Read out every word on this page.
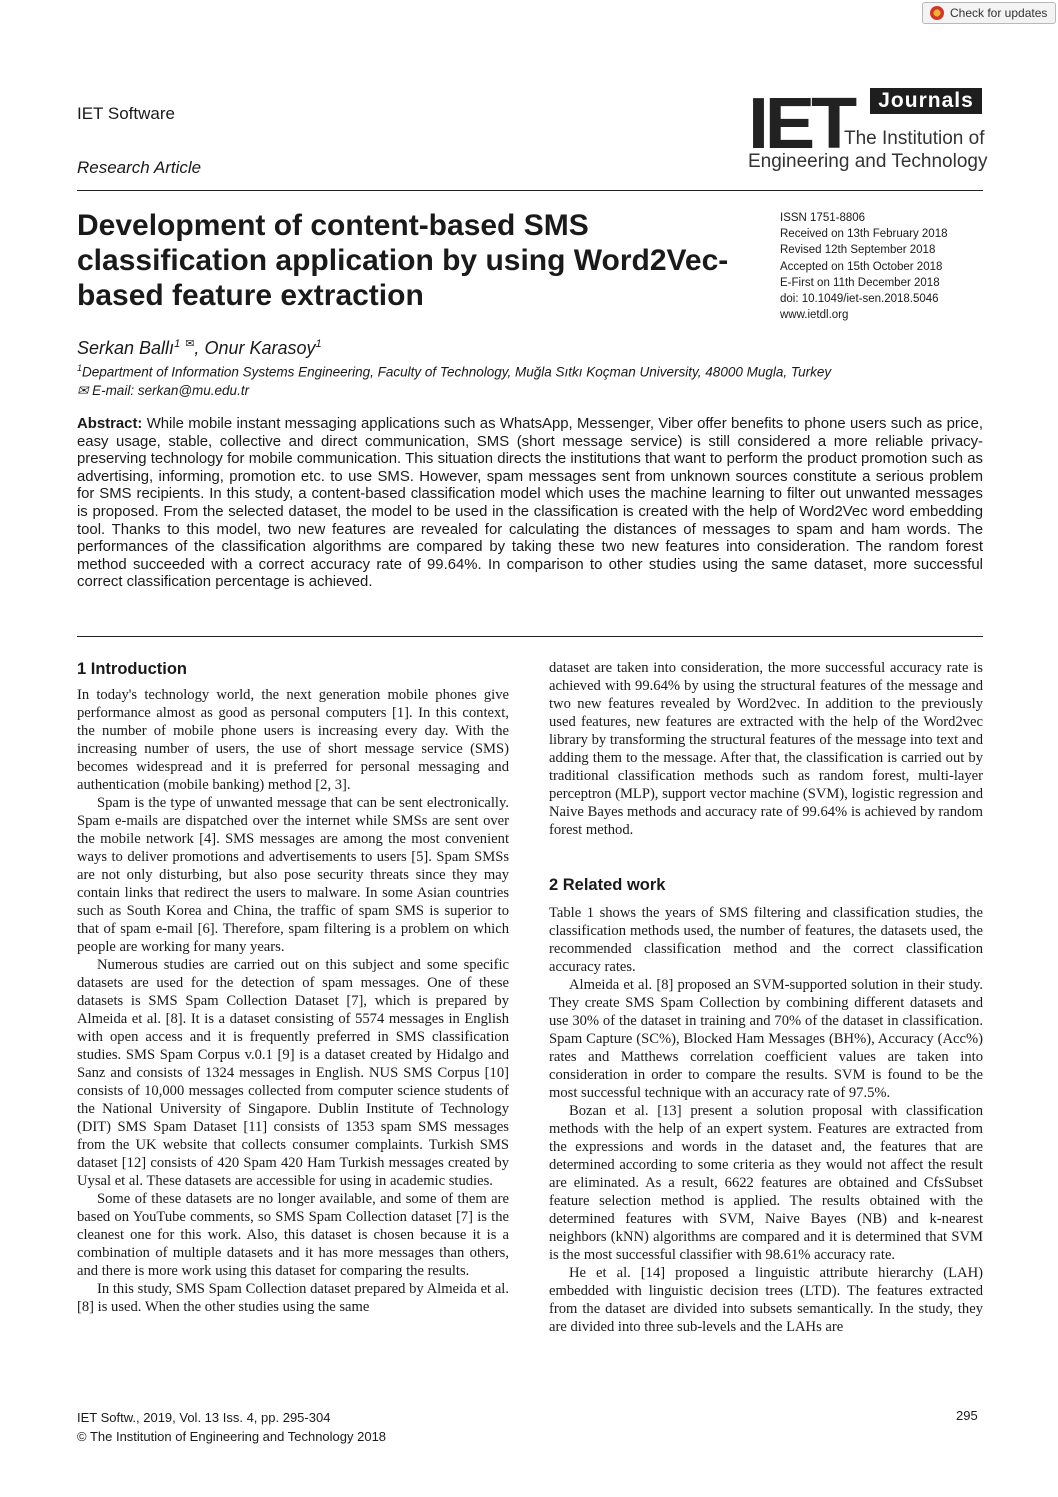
Check for updates
IET Software
Research Article
IET	Journals
The Institution of
Engineering and Technology
Development of content-based SMS
classification application by using Word2Vec-
based feature extraction
ISSN 1751-8806
Received on 13th February 2018
Revised 12th September 2018
Accepted on 15th October 2018
E-First on 11th December 2018
doi: 10.1049/iet-sen.2018.5046
www.ietdl.org
Serkan Ballı$^1$ ✉, Onur Karasoy$^1$
$^1$Department of Information Systems Engineering, Faculty of Technology, Muğla Sıtkı Koçman University, 48000 Mugla, Turkey
✉ E-mail: serkan@mu.edu.tr
Abstract: While mobile instant messaging applications such as WhatsApp, Messenger, Viber offer benefits to phone users such as price, easy usage, stable, collective and direct communication, SMS (short message service) is still considered a more reliable privacy-preserving technology for mobile communication. This situation directs the institutions that want to perform the product promotion such as advertising, informing, promotion etc. to use SMS. However, spam messages sent from unknown sources constitute a serious problem for SMS recipients. In this study, a content-based classification model which uses the machine learning to filter out unwanted messages is proposed. From the selected dataset, the model to be used in the classification is created with the help of Word2Vec word embedding tool. Thanks to this model, two new features are revealed for calculating the distances of messages to spam and ham words. The performances of the classification algorithms are compared by taking these two new features into consideration. The random forest method succeeded with a correct accuracy rate of 99.64%. In comparison to other studies using the same dataset, more successful correct classification percentage is achieved.
1 Introduction

In today's technology world, the next generation mobile phones give performance almost as good as personal computers [1]. In this context, the number of mobile phone users is increasing every day. With the increasing number of users, the use of short message service (SMS) becomes widespread and it is preferred for personal messaging and authentication (mobile banking) method [2, 3].

Spam is the type of unwanted message that can be sent electronically. Spam e-mails are dispatched over the internet while SMSs are sent over the mobile network [4]. SMS messages are among the most convenient ways to deliver promotions and advertisements to users [5]. Spam SMSs are not only disturbing, but also pose security threats since they may contain links that redirect the users to malware. In some Asian countries such as South Korea and China, the traffic of spam SMS is superior to that of spam e-mail [6]. Therefore, spam filtering is a problem on which people are working for many years.

Numerous studies are carried out on this subject and some specific datasets are used for the detection of spam messages. One of these datasets is SMS Spam Collection Dataset [7], which is prepared by Almeida et al. [8]. It is a dataset consisting of 5574 messages in English with open access and it is frequently preferred in SMS classification studies. SMS Spam Corpus v.0.1 [9] is a dataset created by Hidalgo and Sanz and consists of 1324 messages in English. NUS SMS Corpus [10] consists of 10,000 messages collected from computer science students of the National University of Singapore. Dublin Institute of Technology (DIT) SMS Spam Dataset [11] consists of 1353 spam SMS messages from the UK website that collects consumer complaints. Turkish SMS dataset [12] consists of 420 Spam 420 Ham Turkish messages created by Uysal et al. These datasets are accessible for using in academic studies.

Some of these datasets are no longer available, and some of them are based on YouTube comments, so SMS Spam Collection dataset [7] is the cleanest one for this work. Also, this dataset is chosen because it is a combination of multiple datasets and it has more messages than others, and there is more work using this dataset for comparing the results.

In this study, SMS Spam Collection dataset prepared by Almeida et al. [8] is used. When the other studies using the same

dataset are taken into consideration, the more successful accuracy rate is achieved with 99.64% by using the structural features of the message and two new features revealed by Word2vec. In addition to the previously used features, new features are extracted with the help of the Word2vec library by transforming the structural features of the message into text and adding them to the message. After that, the classification is carried out by traditional classification methods such as random forest, multi-layer perceptron (MLP), support vector machine (SVM), logistic regression and Naive Bayes methods and accuracy rate of 99.64% is achieved by random forest method.

2 Related work

Table 1 shows the years of SMS filtering and classification studies, the classification methods used, the number of features, the datasets used, the recommended classification method and the correct classification accuracy rates.

Almeida et al. [8] proposed an SVM-supported solution in their study. They create SMS Spam Collection by combining different datasets and use 30% of the dataset in training and 70% of the dataset in classification. Spam Capture (SC%), Blocked Ham Messages (BH%), Accuracy (Acc%) rates and Matthews correlation coefficient values are taken into consideration in order to compare the results. SVM is found to be the most successful technique with an accuracy rate of 97.5%.

Bozan et al. [13] present a solution proposal with classification methods with the help of an expert system. Features are extracted from the expressions and words in the dataset and, the features that are determined according to some criteria as they would not affect the result are eliminated. As a result, 6622 features are obtained and CfsSubset feature selection method is applied. The results obtained with the determined features with SVM, Naive Bayes (NB) and k-nearest neighbors (kNN) algorithms are compared and it is determined that SVM is the most successful classifier with 98.61% accuracy rate.

He et al. [14] proposed a linguistic attribute hierarchy (LAH) embedded with linguistic decision trees (LTD). The features extracted from the dataset are divided into subsets semantically. In the study, they are divided into three sub-levels and the LAHs are

IET Softw., 2019, Vol. 13 Iss. 4, pp. 295-304
© The Institution of Engineering and Technology 2018
295
